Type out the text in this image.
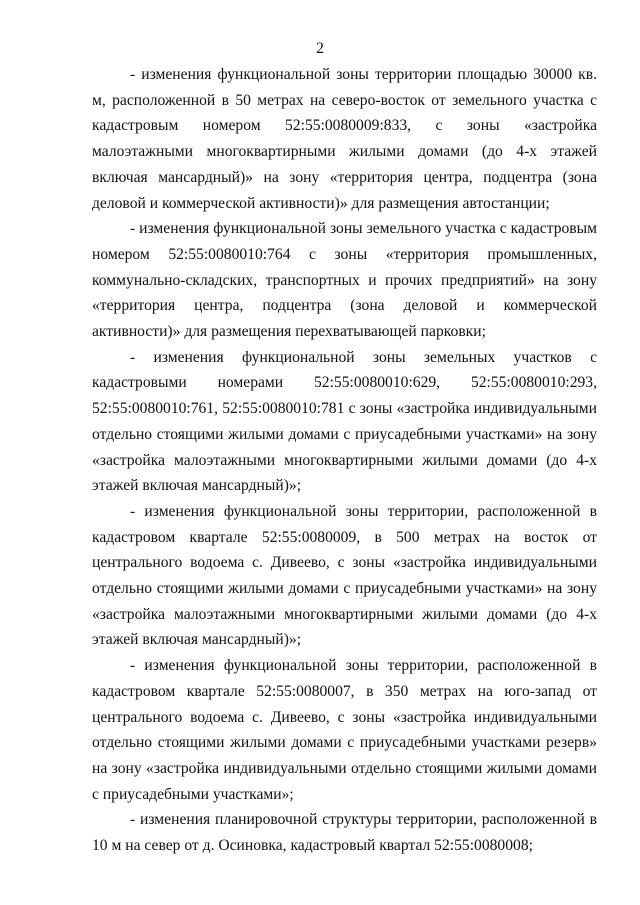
2

- изменения функциональной зоны территории площадью 30000 кв. м, расположенной в 50 метрах на северо-восток от земельного участка с кадастровым номером 52:55:0080009:833, с зоны «застройка малоэтажными многоквартирными жилыми домами (до 4-х этажей включая мансардный)» на зону «территория центра, подцентра (зона деловой и коммерческой активности)» для размещения автостанции;

- изменения функциональной зоны земельного участка с кадастровым номером 52:55:0080010:764 с зоны «территория промышленных, коммунально-складских, транспортных и прочих предприятий» на зону «территория центра, подцентра (зона деловой и коммерческой активности)» для размещения перехватывающей парковки;

- изменения функциональной зоны земельных участков с кадастровыми номерами 52:55:0080010:629, 52:55:0080010:293, 52:55:0080010:761, 52:55:0080010:781 с зоны «застройка индивидуальными отдельно стоящими жилыми домами с приусадебными участками» на зону «застройка малоэтажными многоквартирными жилыми домами (до 4-х этажей включая мансардный)»;

- изменения функциональной зоны территории, расположенной в кадастровом квартале 52:55:0080009, в 500 метрах на восток от центрального водоема с. Дивеево, с зоны «застройка индивидуальными отдельно стоящими жилыми домами с приусадебными участками» на зону «застройка малоэтажными многоквартирными жилыми домами (до 4-х этажей включая мансардный)»;

- изменения функциональной зоны территории, расположенной в кадастровом квартале 52:55:0080007, в 350 метрах на юго-запад от центрального водоема с. Дивеево, с зоны «застройка индивидуальными отдельно стоящими жилыми домами с приусадебными участками резерв» на зону «застройка индивидуальными отдельно стоящими жилыми домами с приусадебными участками»;

- изменения планировочной структуры территории, расположенной в 10 м на север от д. Осиновка, кадастровый квартал 52:55:0080008;
